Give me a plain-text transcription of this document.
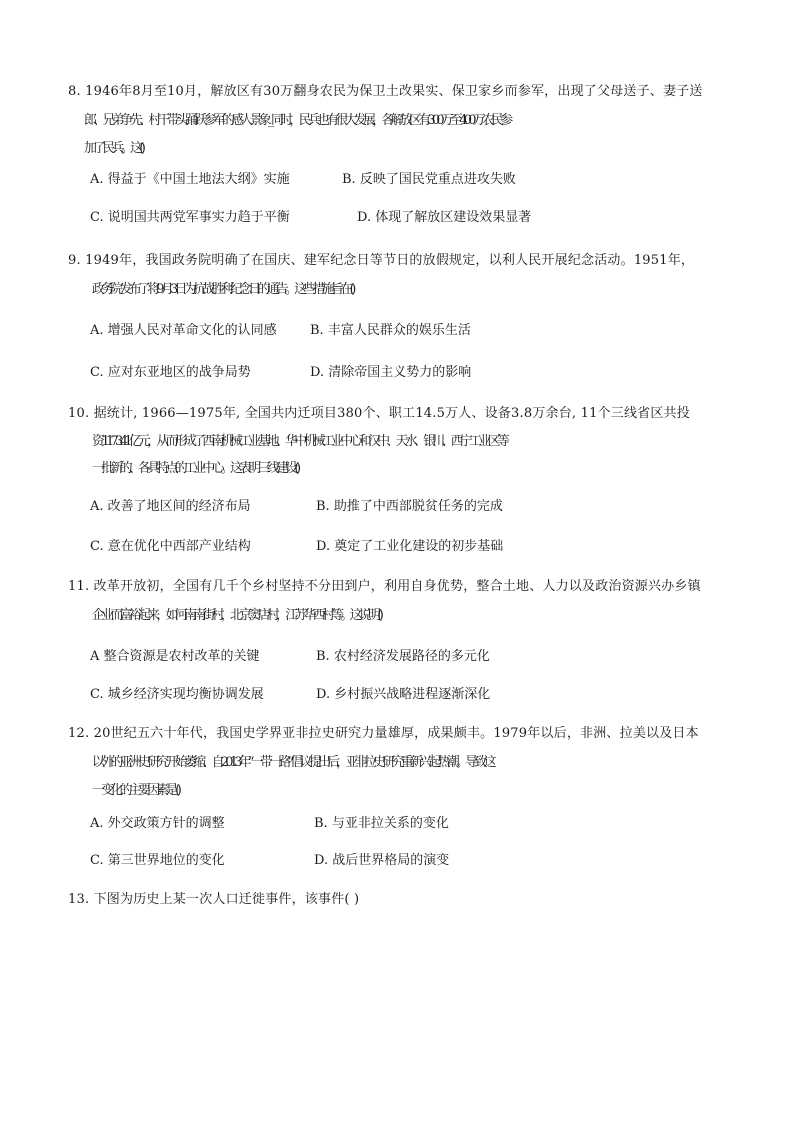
8. 1946年8月至10月，解放区有30万翻身农民为保卫土改果实、保卫家乡而参军，出现了父母送子、妻子送
郎、兄弟争先、村干带头踊跃参军的感人景象_ 同时，民兵也有很大发展，各解放区有300万至400万农民参
加了民兵。这( )
A. 得益于《中国土地法大纲》实施	B. 反映了国民党重点进攻失败
C. 说明国共两党军事实力趋于平衡	D. 体现了解放区建设效果显著
9. 1949年，我国政务院明确了在国庆、建军纪念日等节日的放假规定，以利人民开展纪念活动。1951年，
政务院发布了将9月3日为抗战胜利纪念日的通告。这些措施旨在 ( )
A. 增强人民对革命文化的认同感	B. 丰富人民群众的娱乐生活
C. 应对东亚地区的战争局势	D. 清除帝国主义势力的影响
10. 据统计, 1966—1975年, 全国共内迁项目380个、职工14.5万人、设备3.8万余台, 11个三线省区共投
资 1173.41亿元，从而形成了西南机械工业基地、华中机械工业中心和汉中、天水、银川、西宁工业区等
一批新的、各具特点的工业中心。这表明三线建设( )
A. 改善了地区间的经济布局	B. 助推了中西部脱贫任务的完成
C. 意在优化中西部产业结构	D. 奠定了工业化建设的初步基础
11. 改革开放初，全国有几千个乡村坚持不分田到户，利用自身优势，整合土地、人力以及政治资源兴办乡镇
企业而富裕起来，如河南南街村，北京窦店村，江苏华西村等。这说明( )
A 整合资源是农村改革的关键	B. 农村经济发展路径的多元化
C. 城乡经济实现均衡协调发展	D. 乡村振兴战略进程逐渐深化
12. 20世纪五六十年代，我国史学界亚非拉史研究力量雄厚，成果颇丰。1979年以后，非洲、拉美以及日本
以外的亚洲史研究开始萎缩、自2013年“一带一路”倡议提出后，亚非拉史研究重新兴起热潮。导致这
一变化的主要因素是 ( )
A. 外交政策方针的调整	B. 与亚非拉关系的变化
C. 第三世界地位的变化	D. 战后世界格局的演变
13. 下图为历史上某一次人口迁徙事件，该事件( )
